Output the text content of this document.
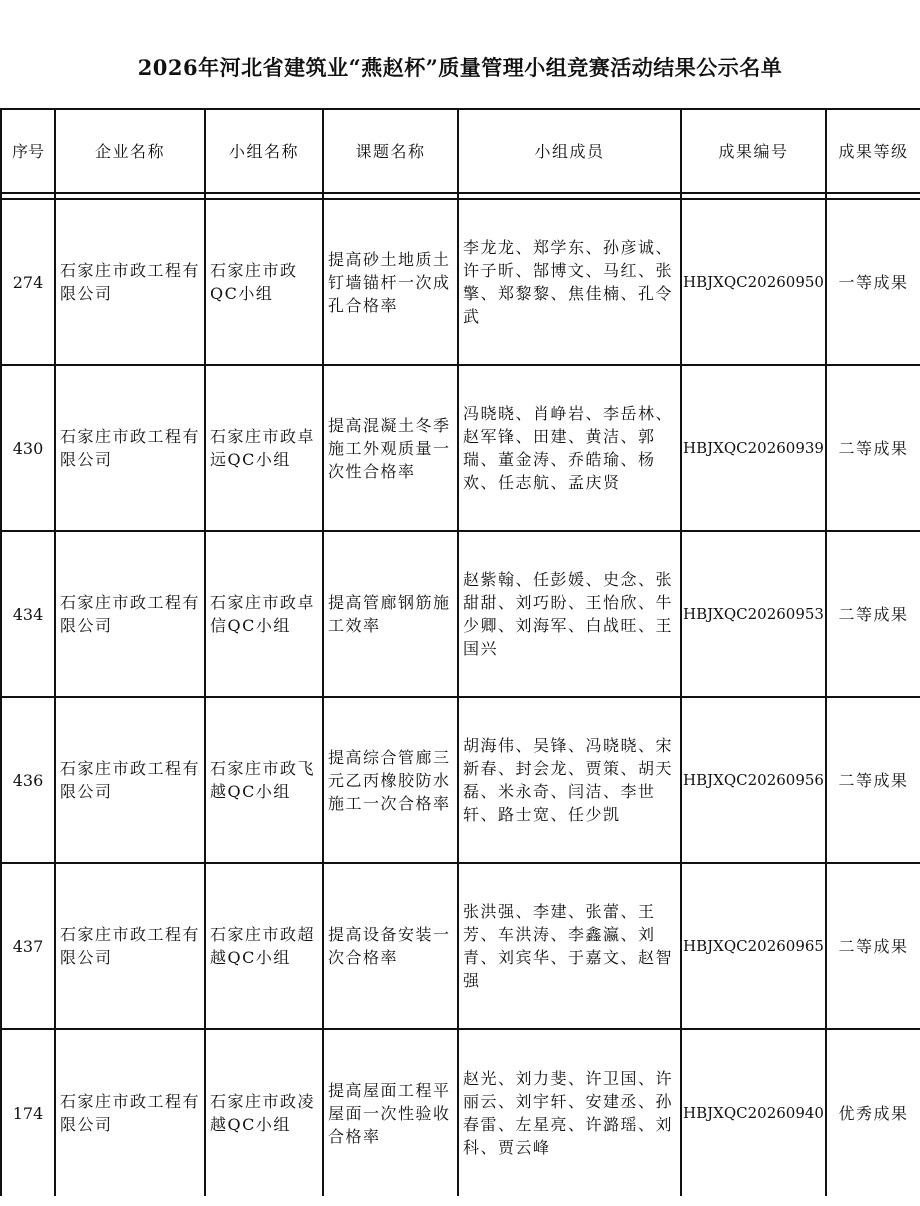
2026年河北省建筑业“燕赵杯”质量管理小组竞赛活动结果公示名单
序号	企业名称	小组名称	课题名称	小组成员	成果编号	成果等级

274	石家庄市政工程有限公司	石家庄市政QC小组	提高砂土地质土钉墙锚杆一次成孔合格率	李龙龙、郑学东、孙彦诚、许子昕、郜博文、马红、张擎、郑黎黎、焦佳楠、孔令武	HBJXQC20260950	一等成果
430	石家庄市政工程有限公司	石家庄市政卓远QC小组	提高混凝土冬季施工外观质量一次性合格率	冯晓晓、肖峥岩、李岳林、赵军锋、田建、黄洁、郭瑞、董金涛、乔皓瑜、杨欢、任志航、孟庆贤	HBJXQC20260939	二等成果
434	石家庄市政工程有限公司	石家庄市政卓信QC小组	提高管廊钢筋施工效率	赵紫翰、任彭媛、史念、张甜甜、刘巧盼、王怡欣、牛少卿、刘海军、白战旺、王国兴	HBJXQC20260953	二等成果
436	石家庄市政工程有限公司	石家庄市政飞越QC小组	提高综合管廊三元乙丙橡胶防水施工一次合格率	胡海伟、吴锋、冯晓晓、宋新春、封会龙、贾策、胡天磊、米永奇、闫洁、李世轩、路士宽、任少凯	HBJXQC20260956	二等成果
437	石家庄市政工程有限公司	石家庄市政超越QC小组	提高设备安装一次合格率	张洪强、李建、张蕾、王芳、车洪涛、李鑫瀛、刘青、刘宾华、于嘉文、赵智强	HBJXQC20260965	二等成果
174	石家庄市政工程有限公司	石家庄市政凌越QC小组	提高屋面工程平屋面一次性验收合格率	赵光、刘力斐、许卫国、许丽云、刘宇轩、安建丞、孙春雷、左星亮、许潞瑶、刘科、贾云峰	HBJXQC20260940	优秀成果
